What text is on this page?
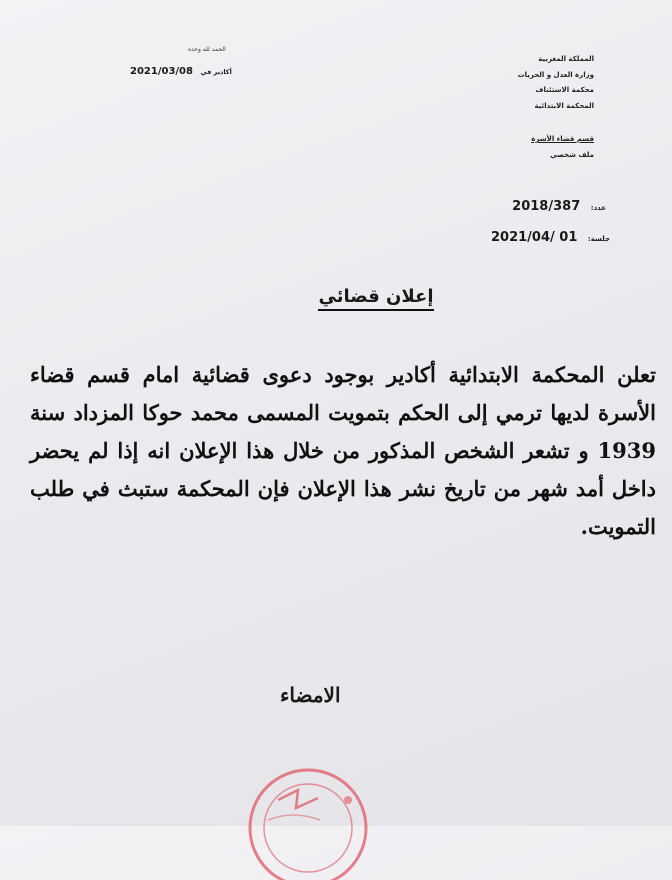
المملكة المغربية
وزارة العدل و الحريات
محكمة الاستئناف
المحكمة الابتدائية
قسم قضاء الأسرة
ملف شخصي
الحمد لله وحده
2021/03/08 أكادير في
2018/387 عدد:
2021/04/ 01 جلسة:
إعلان قضائي
تعلن المحكمة الابتدائية أكادير بوجود دعوى قضائية امام قسم قضاء الأسرة لديها ترمي إلى الحكم بتمويت المسمى محمد حوكا المزداد سنة 1939 و تشعر الشخص المذكور من خلال هذا الإعلان انه إذا لم يحضر داخل أمد شهر من تاريخ نشر هذا الإعلان فإن المحكمة ستبث في طلب التمويت.
الامضاء
